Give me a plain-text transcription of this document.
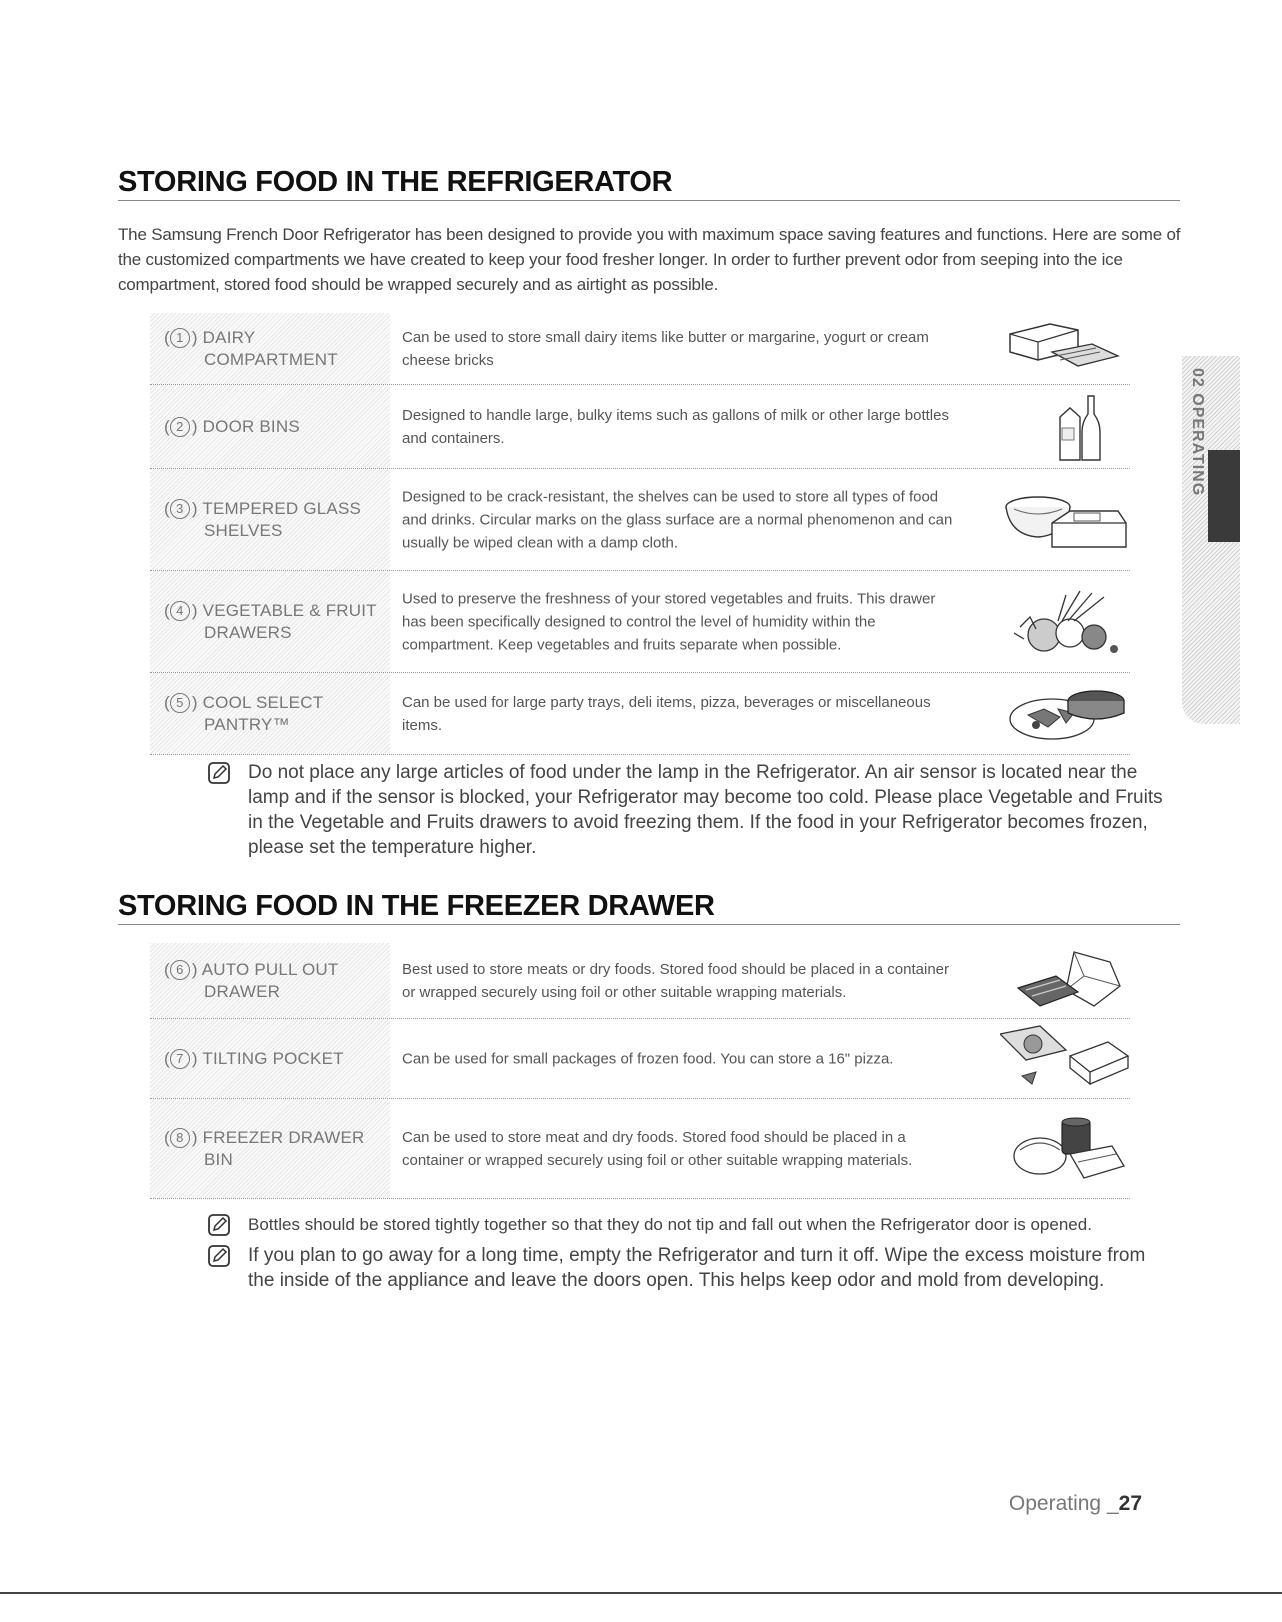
STORING FOOD IN THE REFRIGERATOR
The Samsung French Door Refrigerator has been designed to provide you with maximum space saving features and functions. Here are some of the customized compartments we have created to keep your food fresher longer. In order to further prevent odor from seeping into the ice compartment, stored food should be wrapped securely and as airtight as possible.
( 1 ) DAIRY
COMPARTMENT
Can be used to store small dairy items like butter or margarine, yogurt or cream cheese bricks
( 2 ) DOOR BINS
Designed to handle large, bulky items such as gallons of milk or other large bottles and containers.
( 3 ) TEMPERED GLASS
SHELVES
Designed to be crack-resistant, the shelves can be used to store all types of food and drinks. Circular marks on the glass surface are a normal phenomenon and can usually be wiped clean with a damp cloth.
( 4 ) VEGETABLE & FRUIT
DRAWERS
Used to preserve the freshness of your stored vegetables and fruits. This drawer has been specifically designed to control the level of humidity within the compartment. Keep vegetables and fruits separate when possible.
( 5 ) COOL SELECT
PANTRY™
Can be used for large party trays, deli items, pizza, beverages or miscellaneous items.
Do not place any large articles of food under the lamp in the Refrigerator. An air sensor is located near the lamp and if the sensor is blocked, your Refrigerator may become too cold. Please place Vegetable and Fruits in the Vegetable and Fruits drawers to avoid freezing them. If the food in your Refrigerator becomes frozen, please set the temperature higher.
STORING FOOD IN THE FREEZER DRAWER
( 6 ) AUTO PULL OUT
DRAWER
Best used to store meats or dry foods. Stored food should be placed in a container or wrapped securely using foil or other suitable wrapping materials.
( 7 ) TILTING POCKET	Can be used for small packages of frozen food. You can store a 16" pizza.
( 8 ) FREEZER DRAWER
BIN
Can be used to store meat and dry foods. Stored food should be placed in a container or wrapped securely using foil or other suitable wrapping materials.
Bottles should be stored tightly together so that they do not tip and fall out when the Refrigerator door is opened.
If you plan to go away for a long time, empty the Refrigerator and turn it off. Wipe the excess moisture from the inside of the appliance and leave the doors open. This helps keep odor and mold from developing.
02 OPERATING
Operating _27
